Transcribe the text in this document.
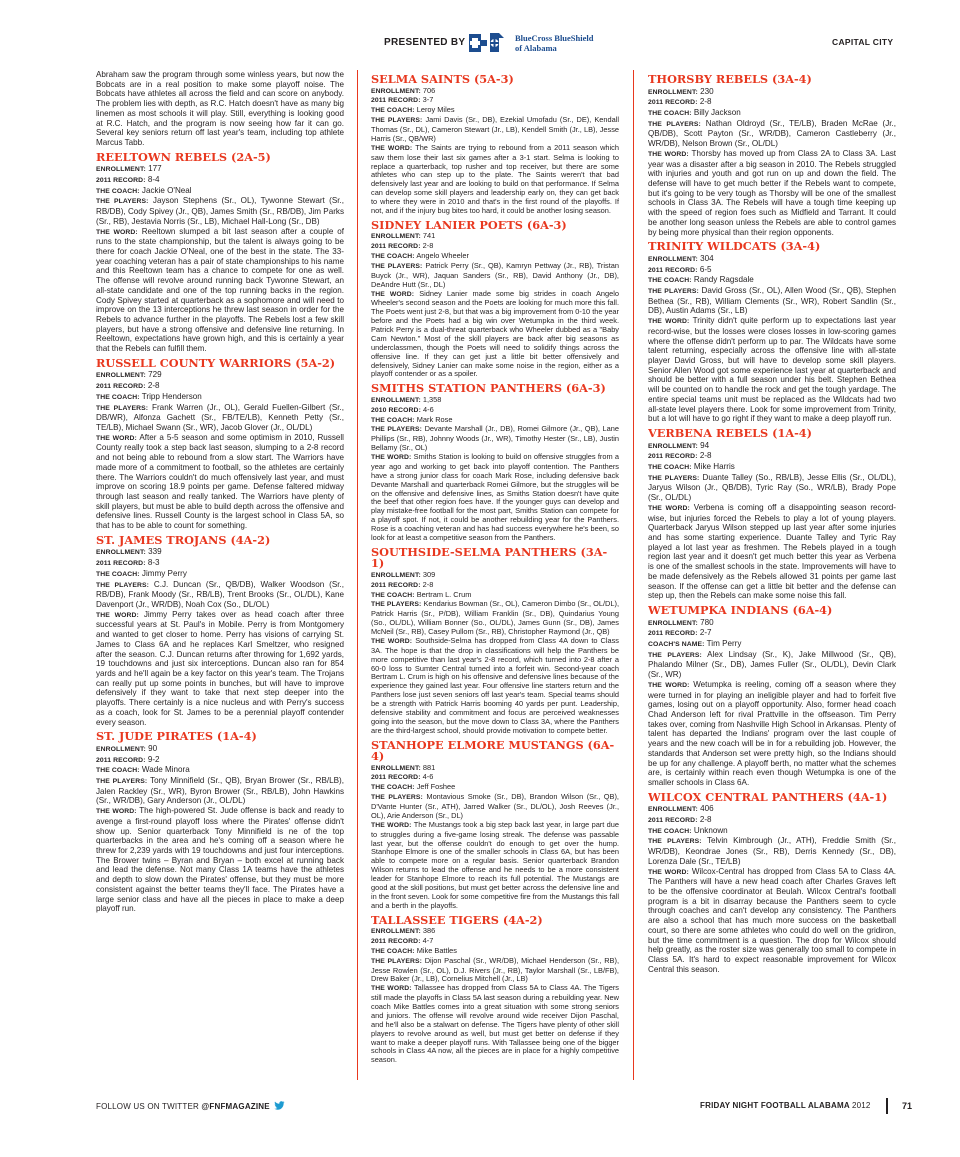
PRESENTED BY	BlueCross BlueShield
of Alabama
CAPITAL CITY

Abraham saw the program through some winless years, but now the Bobcats are in a real position to make some playoff noise. The Bobcats have athletes all across the field and can score on anybody. The problem lies with depth, as R.C. Hatch doesn't have as many big linemen as most schools it will play. Still, everything is looking good at R.C. Hatch, and the program is now seeing how far it can go. Several key seniors return off last year's team, including top athlete Marcus Tabb.

REELTOWN REBELS (2A-5)

ENROLLMENT: 177

2011 RECORD: 8-4

THE COACH: Jackie O'Neal

THE PLAYERS: Jayson Stephens (Sr., OL), Tywonne Stewart (Sr., RB/DB), Cody Spivey (Jr., QB), James Smith (Sr., RB/DB), Jim Parks (Sr., RB), Jestavia Norris (Sr., LB), Michael Hall-Long (Sr., DB)

THE WORD: Reeltown slumped a bit last season after a couple of runs to the state championship, but the talent is always going to be there for coach Jackie O'Neal, one of the best in the state. The 33-year coaching veteran has a pair of state championships to his name and this Reeltown team has a chance to compete for one as well. The offense will revolve around running back Tywonne Stewart, an all-state candidate and one of the top running backs in the region. Cody Spivey started at quarterback as a sophomore and will need to improve on the 13 interceptions he threw last season in order for the Rebels to advance further in the playoffs. The Rebels lost a few skill players, but have a strong offensive and defensive line returning. In Reeltown, expectations have grown high, and this is certainly a year that the Rebels can fulfill them.

RUSSELL COUNTY WARRIORS (5A-2)

ENROLLMENT: 729

2011 RECORD: 2-8

THE COACH: Tripp Henderson

THE PLAYERS: Frank Warren (Jr., OL), Gerald Fuellen-Gilbert (Sr., DB/WR), Alfonza Gachett (Sr., FB/TE/LB), Kenneth Petty (Sr., TE/LB), Michael Swann (Sr., WR), Jacob Glover (Jr., OL/DL)

THE WORD: After a 5-5 season and some optimism in 2010, Russell County really took a step back last season, slumping to a 2-8 record and not being able to rebound from a slow start. The Warriors have made more of a commitment to football, so the athletes are certainly there. The Warriors couldn't do much offensively last year, and must improve on scoring 18.9 points per game. Defense faltered midway through last season and really tanked. The Warriors have plenty of skill players, but must be able to build depth across the offensive and defensive lines. Russell County is the largest school in Class 5A, so that has to be able to count for something.

ST. JAMES TROJANS (4A-2)

ENROLLMENT: 339

2011 RECORD: 8-3

THE COACH: Jimmy Perry

THE PLAYERS: C.J. Duncan (Sr., QB/DB), Walker Woodson (Sr., RB/DB), Frank Moody (Sr., RB/LB), Trent Brooks (Sr., OL/DL), Kane Davenport (Jr., WR/DB), Noah Cox (So., DL/OL)

THE WORD: Jimmy Perry takes over as head coach after three successful years at St. Paul's in Mobile. Perry is from Montgomery and wanted to get closer to home. Perry has visions of carrying St. James to Class 6A and he replaces Karl Smeltzer, who resigned after the season. C.J. Duncan returns after throwing for 1,692 yards, 19 touchdowns and just six interceptions. Duncan also ran for 854 yards and he'll again be a key factor on this year's team. The Trojans can really put up some points in bunches, but will have to improve defensively if they want to take that next step deeper into the playoffs. There certainly is a nice nucleus and with Perry's success as a coach, look for St. James to be a perennial playoff contender every season.

ST. JUDE PIRATES (1A-4)

ENROLLMENT: 90

2011 RECORD: 9-2

THE COACH: Wade Minora

THE PLAYERS: Tony Minnifield (Sr., QB), Bryan Brower (Sr., RB/LB), Jalen Rackley (Sr., WR), Byron Brower (Sr., RB/LB), John Hawkins (Sr., WR/DB), Gary Anderson (Jr., OL/DL)

THE WORD: The high-powered St. Jude offense is back and ready to avenge a first-round playoff loss where the Pirates' offense didn't show up. Senior quarterback Tony Minnifield is ne of the top quarterbacks in the area and he's coming off a season where he threw for 2,239 yards with 19 touchdowns and just four interceptions. The Brower twins – Byran and Bryan – both excel at running back and lead the defense. Not many Class 1A teams have the athletes and depth to slow down the Pirates' offense, but they must be more consistent against the better teams they'll face. The Pirates have a large senior class and have all the pieces in place to make a deep playoff run.

SELMA SAINTS (5A-3)

ENROLLMENT: 706

2011 RECORD: 3-7

THE COACH: Leroy Miles

THE PLAYERS: Jami Davis (Sr., DB), Ezekial Umofadu (Sr., DE), Kendall Thomas (Sr., DL), Cameron Stewart (Jr., LB), Kendell Smith (Jr., LB), Jesse Harris (Sr., QB/WR)

THE WORD: The Saints are trying to rebound from a 2011 season which saw them lose their last six games after a 3-1 start. Selma is looking to replace a quarterback, top rusher and top receiver, but there are some athletes who can step up to the plate. The Saints weren't that bad defensively last year and are looking to build on that performance. If Selma can develop some skill players and leadership early on, they can get back to where they were in 2010 and that's in the first round of the playoffs. If not, and if the injury bug bites too hard, it could be another losing season.

SIDNEY LANIER POETS (6A-3)

ENROLLMENT: 741

2011 RECORD: 2-8

THE COACH: Angelo Wheeler

THE PLAYERS: Patrick Perry (Sr., QB), Kamryn Pettway (Jr., RB), Tristan Buyck (Jr., WR), Jaquan Sanders (Sr., RB), David Anthony (Jr., DB), DeAndre Hutt (Sr., DL)

THE WORD: Sidney Lanier made some big strides in coach Angelo Wheeler's second season and the Poets are looking for much more this fall. The Poets went just 2-8, but that was a big improvement from 0-10 the year before and the Poets had a big win over Wetumpka in the third week. Patrick Perry is a dual-threat quarterback who Wheeler dubbed as a "Baby Cam Newton." Most of the skill players are back after big seasons as underclassmen, though the Poets will need to solidify things across the offensive line. If they can get just a little bit better offensively and defensively, Sidney Lanier can make some noise in the region, either as a playoff contender or as a spoiler.

SMITHS STATION PANTHERS (6A-3)

ENROLLMENT: 1,358

2010 RECORD: 4-6

THE COACH: Mark Rose

THE PLAYERS: Devante Marshall (Jr., DB), Romei Gilmore (Jr., QB), Lane Phillips (Sr., RB), Johnny Woods (Jr., WR), Timothy Hester (Sr., LB), Justin Bellamy (Sr., OL)

THE WORD: Smiths Station is looking to build on offensive struggles from a year ago and working to get back into playoff contention. The Panthers have a strong junior class for coach Mark Rose, including defensive back Devante Marshall and quarterback Romei Gilmore, but the struggles will be on the offensive and defensive lines, as Smiths Station doesn't have quite the beef that other region foes have. If the younger guys can develop and play mistake-free football for the most part, Smiths Station can compete for a playoff spot. If not, it could be another rebuilding year for the Panthers. Rose is a coaching veteran and has had success everywhere he's been, so look for at least a competitive season from the Panthers.

SOUTHSIDE-SELMA PANTHERS (3A-1)

ENROLLMENT: 309

2011 RECORD: 2-8

THE COACH: Bertram L. Crum

THE PLAYERS: Kendarius Bowman (Sr., OL), Cameron Dimbo (Sr., OL/DL), Patrick Harris (Sr., P/DB), William Franklin (Sr., DB), Quindarius Young (So., OL/DL), William Bonner (So., OL/DL), James Gunn (Sr., DB), James McNeil (Sr., RB), Casey Pullom (Sr., RB), Christopher Raymond (Jr., QB)

THE WORD: Southside-Selma has dropped from Class 4A down to Class 3A. The hope is that the drop in classifications will help the Panthers be more competitive than last year's 2-8 record, which turned into 2-8 after a 60-0 loss to Sumter Central turned into a forfeit win. Second-year coach Bertram L. Crum is high on his offensive and defensive lines because of the experience they gained last year. Four offensive line starters return and the Panthers lose just seven seniors off last year's team. Special teams should be a strength with Patrick Harris booming 40 yards per punt. Leadership, defensive stability and commitment and focus are perceived weaknesses going into the season, but the move down to Class 3A, where the Panthers are the third-largest school, should provide motivation to compete better.

STANHOPE ELMORE MUSTANGS (6A-4)

ENROLLMENT: 881

2011 RECORD: 4-6

THE COACH: Jeff Foshee

THE PLAYERS: Montavious Smoke (Sr., DB), Brandon Wilson (Sr., QB), D'Vante Hunter (Sr., ATH), Jarred Walker (Sr., DL/OL), Josh Reeves (Jr., OL), Arie Anderson (Sr., DL)

THE WORD: The Mustangs took a big step back last year, in large part due to struggles during a five-game losing streak. The defense was passable last year, but the offense couldn't do enough to get over the hump. Stanhope Elmore is one of the smaller schools in Class 6A, but has been able to compete more on a regular basis. Senior quarterback Brandon Wilson returns to lead the offense and he needs to be a more consistent leader for Stanhope Elmore to reach its full potential. The Mustangs are good at the skill positions, but must get better across the defensive line and in the front seven. Look for some competitive fire from the Mustangs this fall and a berth in the playoffs.

TALLASSEE TIGERS (4A-2)

ENROLLMENT: 386

2011 RECORD: 4-7

THE COACH: Mike Battles

THE PLAYERS: Dijon Paschal (Sr., WR/DB), Michael Henderson (Sr., RB), Jesse Rowlen (Sr., OL), D.J. Rivers (Jr., RB), Taylor Marshall (Sr., LB/FB), Drew Baker (Jr., LB), Cornelius Mitchell (Jr., LB)

THE WORD: Tallassee has dropped from Class 5A to Class 4A. The Tigers still made the playoffs in Class 5A last season during a rebuilding year. New coach Mike Battles comes into a great situation with some strong seniors and juniors. The offense will revolve around wide receiver Dijon Paschal, and he'll also be a stalwart on defense. The Tigers have plenty of other skill players to revolve around as well, but must get better on defense if they want to make a deeper playoff runs. With Tallassee being one of the bigger schools in Class 4A now, all the pieces are in place for a highly competitive season.

THORSBY REBELS (3A-4)

ENROLLMENT: 230

2011 RECORD: 2-8

THE COACH: Billy Jackson

THE PLAYERS: Nathan Oldroyd (Sr., TE/LB), Braden McRae (Jr., QB/DB), Scott Payton (Sr., WR/DB), Cameron Castleberry (Jr., WR/DB), Nelson Brown (Sr., OL/DL)

THE WORD: Thorsby has moved up from Class 2A to Class 3A. Last year was a disaster after a big season in 2010. The Rebels struggled with injuries and youth and got run on up and down the field. The defense will have to get much better if the Rebels want to compete, but it's going to be very tough as Thorsby will be one of the smallest schools in Class 3A. The Rebels will have a tough time keeping up with the speed of region foes such as Midfield and Tarrant. It could be another long season unless the Rebels are able to control games by being more physical than their region opponents.

TRINITY WILDCATS (3A-4)

ENROLLMENT: 304

2011 RECORD: 6-5

THE COACH: Randy Ragsdale

THE PLAYERS: David Gross (Sr., OL), Allen Wood (Sr., QB), Stephen Bethea (Sr., RB), William Clements (Sr., WR), Robert Sandlin (Sr., DB), Austin Adams (Sr., LB)

THE WORD: Trinity didn't quite perform up to expectations last year record-wise, but the losses were closes losses in low-scoring games where the offense didn't perform up to par. The Wildcats have some talent returning, especially across the offensive line with all-state player David Gross, but will have to develop some skill players. Senior Allen Wood got some experience last year at quarterback and should be better with a full season under his belt. Stephen Bethea will be counted on to handle the rock and get the tough yardage. The entire special teams unit must be replaced as the Wildcats had two all-state level players there. Look for some improvement from Trinity, but a lot will have to go right if they want to make a deep playoff run.

VERBENA REBELS (1A-4)

ENROLLMENT: 94

2011 RECORD: 2-8

THE COACH: Mike Harris

THE PLAYERS: Duante Talley (So., RB/LB), Jesse Ellis (Sr., OL/DL), Jaryus Wilson (Jr., QB/DB), Tyric Ray (So., WR/LB), Brady Pope (Sr., OL/DL)

THE WORD: Verbena is coming off a disappointing season record-wise, but injuries forced the Rebels to play a lot of young players. Quarterback Jaryus Wilson stepped up last year after some injuries and has some starting experience. Duante Talley and Tyric Ray played a lot last year as freshmen. The Rebels played in a tough region last year and it doesn't get much better this year as Verbena is one of the smallest schools in the state. Improvements will have to be made defensively as the Rebels allowed 31 points per game last season. If the offense can get a little bit better and the defense can step up, then the Rebels can make some noise this fall.

WETUMPKA INDIANS (6A-4)

ENROLLMENT: 780

2011 RECORD: 2-7

COACH'S NAME: Tim Perry

THE PLAYERS: Alex Lindsay (Sr., K), Jake Millwood (Sr., QB), Phalando Milner (Sr., DB), James Fuller (Sr., OL/DL), Devin Clark (Sr., WR)

THE WORD: Wetumpka is reeling, coming off a season where they were turned in for playing an ineligible player and had to forfeit five games, losing out on a playoff opportunity. Also, former head coach Chad Anderson left for rival Prattville in the offseason. Tim Perry takes over, coming from Nashville High School in Arkansas. Plenty of talent has departed the Indians' program over the last couple of years and the new coach will be in for a rebuilding job. However, the standards that Anderson set were pretty high, so the Indians should be up for any challenge. A playoff berth, no matter what the schemes are, is certainly within reach even though Wetumpka is one of the smaller schools in Class 6A.

WILCOX CENTRAL PANTHERS (4A-1)

ENROLLMENT: 406

2011 RECORD: 2-8

THE COACH: Unknown

THE PLAYERS: Telvin Kimbrough (Jr., ATH), Freddie Smith (Sr., WR/DB), Keondrae Jones (Sr., RB), Derris Kennedy (Sr., DB), Lorenza Dale (Sr., TE/LB)

THE WORD: Wilcox-Central has dropped from Class 5A to Class 4A. The Panthers will have a new head coach after Charles Graves left to be the offensive coordinator at Beulah. Wilcox Central's football program is a bit in disarray because the Panthers seem to cycle through coaches and can't develop any consistency. The Panthers are also a school that has much more success on the basketball court, so there are some athletes who could do well on the gridiron, but the time commitment is a question. The drop for Wilcox should help greatly, as the roster size was generally too small to compete in Class 5A. It's hard to expect reasonable improvement for Wilcox Central this season.

FOLLOW US ON TWITTER @FNFMAGAZINE	FRIDAY NIGHT FOOTBALL ALABAMA 2012	71
